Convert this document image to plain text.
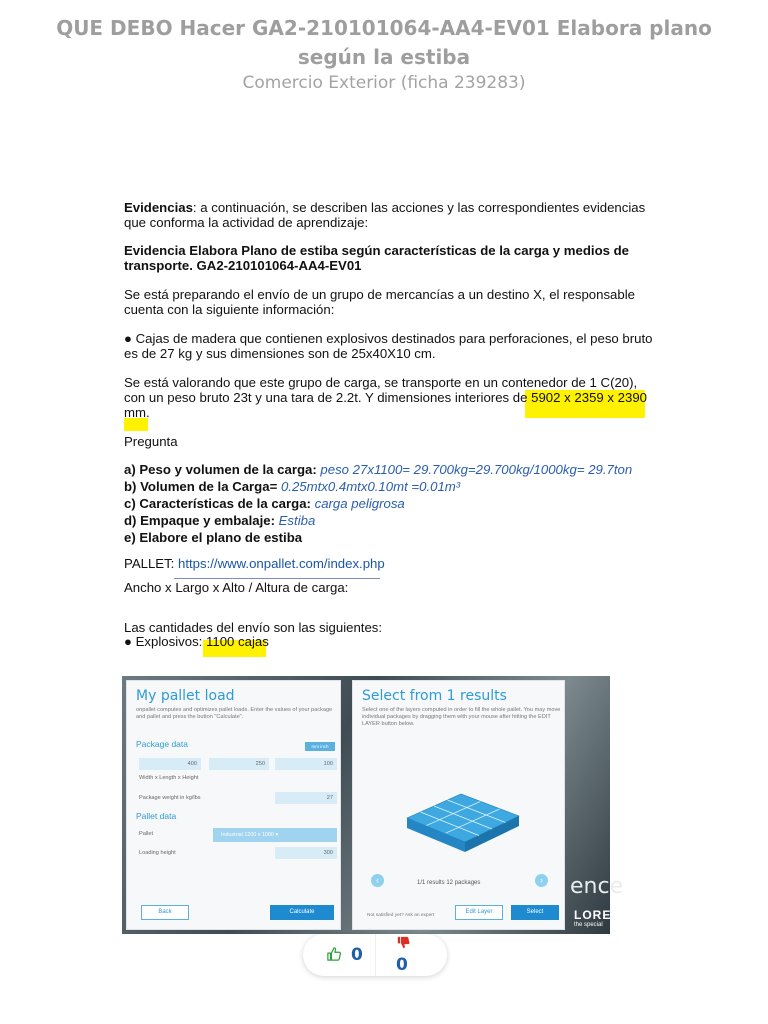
QUE DEBO Hacer GA2-210101064-AA4-EV01 Elabora plano según la estiba
Comercio Exterior (ficha 239283)

Evidencias: a continuación, se describen las acciones y las correspondientes evidencias que conforma la actividad de aprendizaje:

Evidencia Elabora Plano de estiba según características de la carga y medios de transporte. GA2-210101064-AA4-EV01

Se está preparando el envío de un grupo de mercancías a un destino X, el responsable cuenta con la siguiente información:

● Cajas de madera que contienen explosivos destinados para perforaciones, el peso bruto es de 27 kg y sus dimensiones son de 25x40X10 cm.

Se está valorando que este grupo de carga, se transporte en un contenedor de 1 C(20), con un peso bruto 23t y una tara de 2.2t. Y dimensiones interiores de 5902 x 2359 x 2390 mm.

Pregunta

a) Peso y volumen de la carga: peso 27x1100= 29.700kg=29.700kg/1000kg= 29.7ton

b) Volumen de la Carga= 0.25mtx0.4mtx0.10mt =0.01m³

c) Características de la carga: carga peligrosa

d) Empaque y embalaje: Estiba

e) Elabore el plano de estiba

PALLET: https://www.onpallet.com/index.php

Ancho x Largo x Alto / Altura de carga:

Las cantidades del envío son las siguientes:

● Explosivos: 1100 cajas

My pallet load
onpallet computes and optimizes pallet loads. Enter the values of your package and pallet and press the button "Calculate".
Package data	mm inch
400	250	100
Width x Length x Height
Package weight in kg/lbs	27
Pallet data
Pallet	Industrial 1200 x 1000 ▾
Loading height	300
Back	Calculate
Select from 1 results
Select one of the layers computed in order to fill the whole pallet. You may move individual packages by dragging them with your mouse after hitting the EDIT LAYER button below.
‹	1/1 results 12 packages	›
Not satisfied yet? Ask an expert
Edit Layer	Select
ence
LORE
the special
0 0
